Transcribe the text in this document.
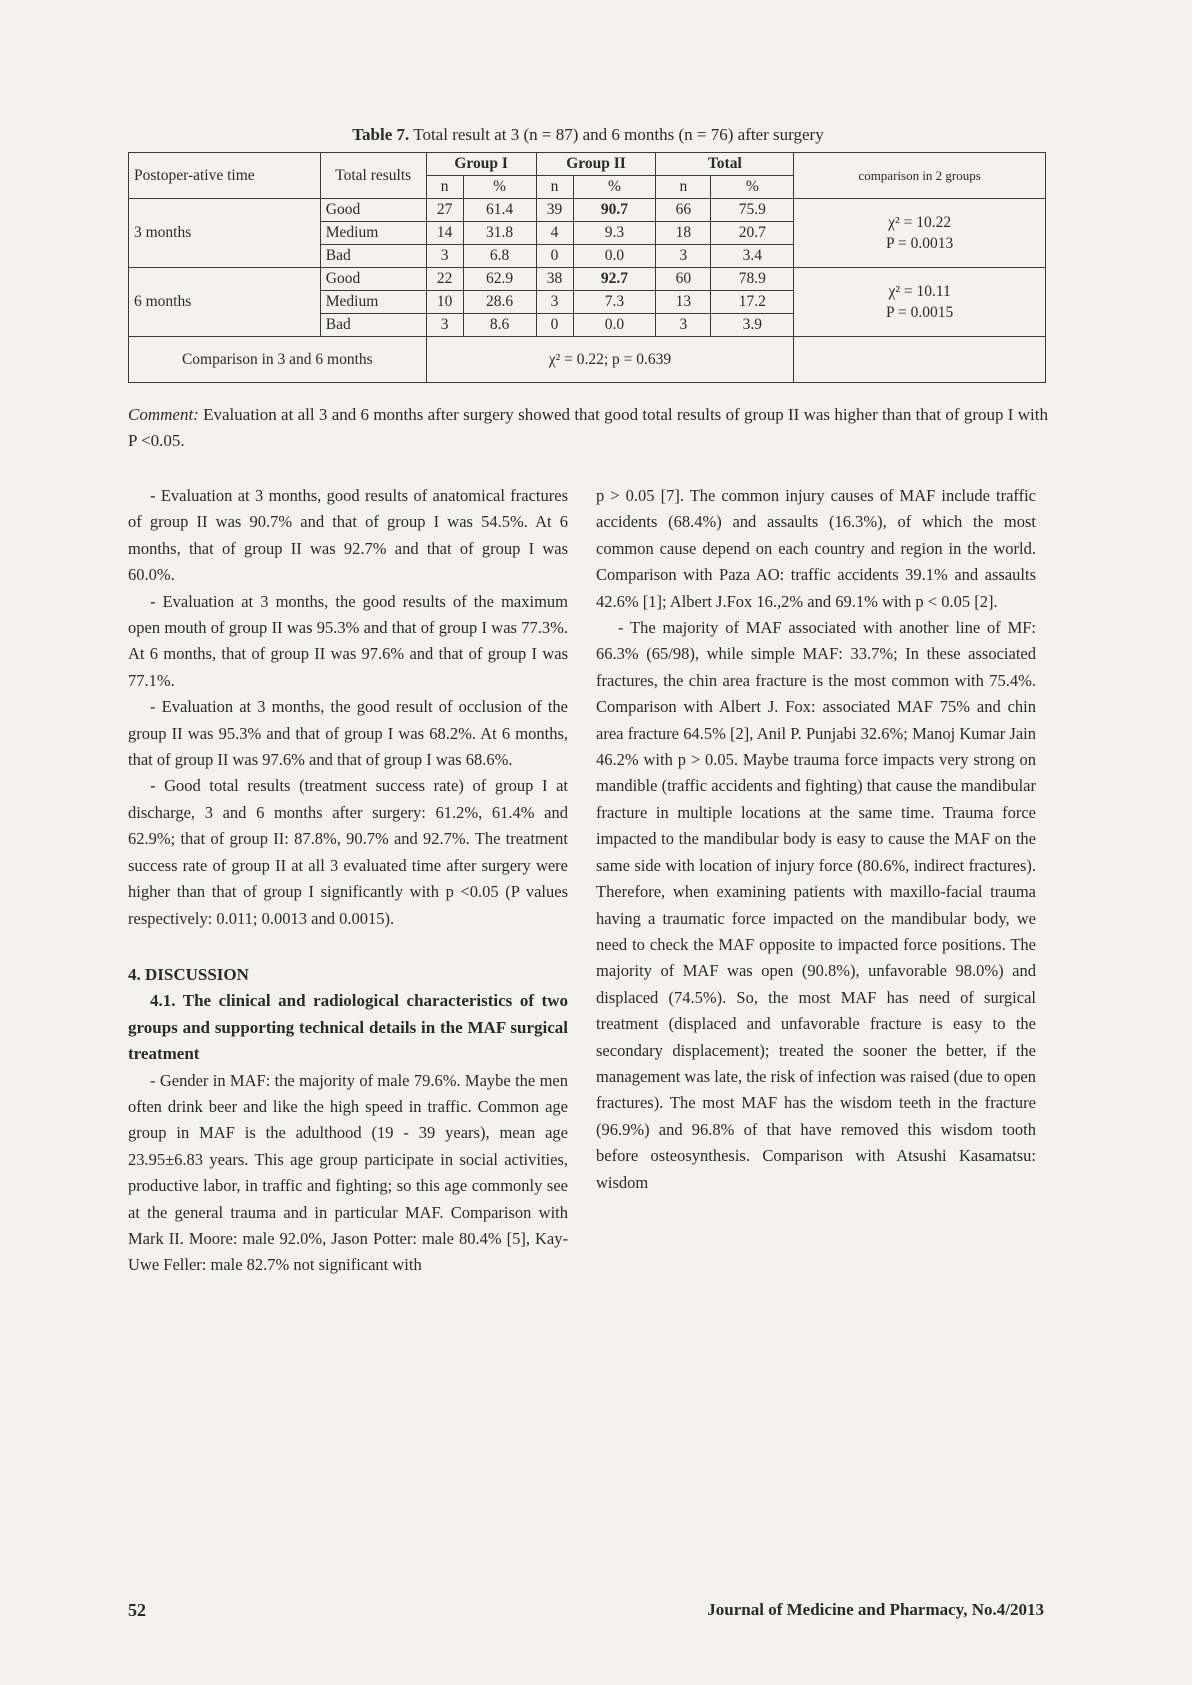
Table 7. Total result at 3 (n = 87) and 6 months (n = 76) after surgery
Postoper-ative time	Total results	Group I		Group II		Total		comparison in 2 groups
		n	%	n	%	n	%	
3 months	Good	27	61.4	39	90.7	66	75.9	χ² = 10.22
P = 0.0013

	Medium	14	31.8	4	9.3	18	20.7	
	Bad	3	6.8	0	0.0	3	3.4	
6 months	Good	22	62.9	38	92.7	60	78.9	χ² = 10.11
P = 0.0015

	Medium	10	28.6	3	7.3	13	17.2	
	Bad	3	8.6	0	0.0	3	3.9	
Comparison in 3 and 6 months		χ² = 0.22; p = 0.639						
Comment: Evaluation at all 3 and 6 months after surgery showed that good total results of group II was higher than that of group I with P <0.05.

- Evaluation at 3 months, good results of anatomical fractures of group II was 90.7% and that of group I was 54.5%. At 6 months, that of group II was 92.7% and that of group I was 60.0%.

- Evaluation at 3 months, the good results of the maximum open mouth of group II was 95.3% and that of group I was 77.3%. At 6 months, that of group II was 97.6% and that of group I was 77.1%.

- Evaluation at 3 months, the good result of occlusion of the group II was 95.3% and that of group I was 68.2%. At 6 months, that of group II was 97.6% and that of group I was 68.6%.

- Good total results (treatment success rate) of group I at discharge, 3 and 6 months after surgery: 61.2%, 61.4% and 62.9%; that of group II: 87.8%, 90.7% and 92.7%. The treatment success rate of group II at all 3 evaluated time after surgery were higher than that of group I significantly with p <0.05 (P values respectively: 0.011; 0.0013 and 0.0015).

4. DISCUSSION
4.1. The clinical and radiological characteristics of two groups and supporting technical details in the MAF surgical treatment

- Gender in MAF: the majority of male 79.6%. Maybe the men often drink beer and like the high speed in traffic. Common age group in MAF is the adulthood (19 - 39 years), mean age 23.95±6.83 years. This age group participate in social activities, productive labor, in traffic and fighting; so this age commonly see at the general trauma and in particular MAF. Comparison with Mark II. Moore: male 92.0%, Jason Potter: male 80.4% [5], Kay-Uwe Feller: male 82.7% not significant with

p > 0.05 [7]. The common injury causes of MAF include traffic accidents (68.4%) and assaults (16.3%), of which the most common cause depend on each country and region in the world. Comparison with Paza AO: traffic accidents 39.1% and assaults 42.6% [1]; Albert J.Fox 16.,2% and 69.1% with p < 0.05 [2].

- The majority of MAF associated with another line of MF: 66.3% (65/98), while simple MAF: 33.7%; In these associated fractures, the chin area fracture is the most common with 75.4%. Comparison with Albert J. Fox: associated MAF 75% and chin area fracture 64.5% [2], Anil P. Punjabi 32.6%; Manoj Kumar Jain 46.2% with p > 0.05. Maybe trauma force impacts very strong on mandible (traffic accidents and fighting) that cause the mandibular fracture in multiple locations at the same time. Trauma force impacted to the mandibular body is easy to cause the MAF on the same side with location of injury force (80.6%, indirect fractures). Therefore, when examining patients with maxillo-facial trauma having a traumatic force impacted on the mandibular body, we need to check the MAF opposite to impacted force positions. The majority of MAF was open (90.8%), unfavorable 98.0%) and displaced (74.5%). So, the most MAF has need of surgical treatment (displaced and unfavorable fracture is easy to the secondary displacement); treated the sooner the better, if the management was late, the risk of infection was raised (due to open fractures). The most MAF has the wisdom teeth in the fracture (96.9%) and 96.8% of that have removed this wisdom tooth before osteosynthesis. Comparison with Atsushi Kasamatsu: wisdom

52	Journal of Medicine and Pharmacy, No.4/2013
